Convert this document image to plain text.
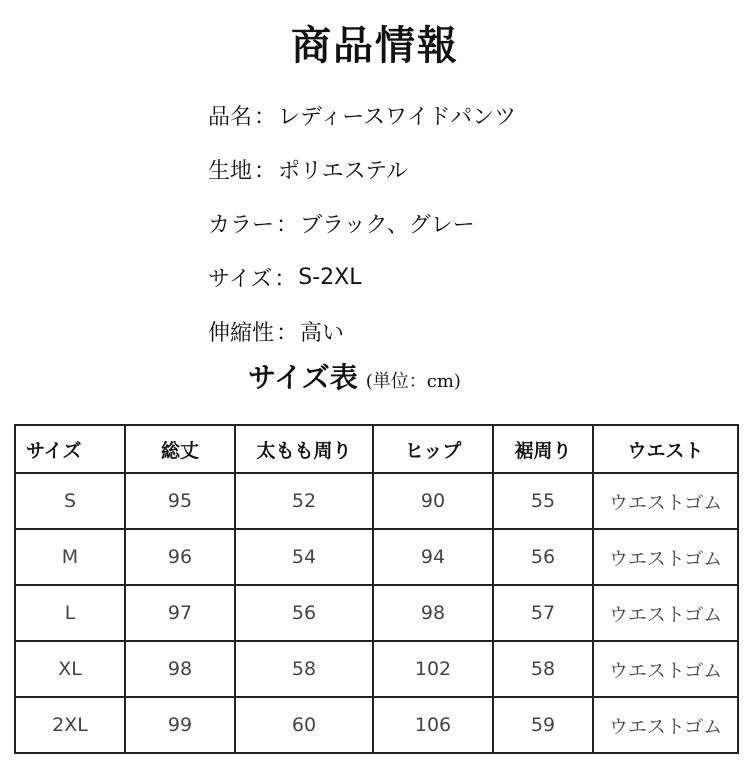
商品情報
品名 ： レディースワイドパンツ
生地 ： ポリエステル
カラー ： ブラック、グレー
サイズ ： S-2XL
伸縮性 ： 高い
サイズ表 (単位：cm)
サイズ	総丈	太もも周り	ヒップ	裾周り	ウエスト
S	95	52	90	55	ウエストゴム
M	96	54	94	56	ウエストゴム
L	97	56	98	57	ウエストゴム
XL	98	58	102	58	ウエストゴム
2XL	99	60	106	59	ウエストゴム
